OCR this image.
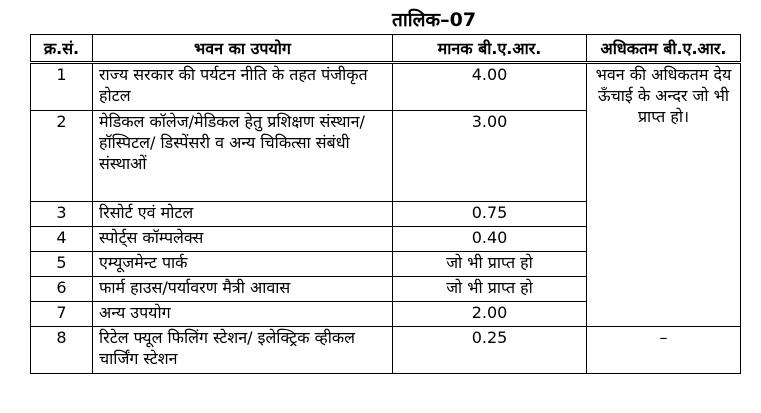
तालिक–07
क्र.सं.	भवन का उपयोग	मानक बी.ए.आर.	अधिकतम बी.ए.आर.
1	राज्य सरकार की पर्यटन नीति के तहत पंजीकृत होटल	4.00	भवन की अधिकतम देय ऊँचाई के अन्दर जो भी प्राप्त हो।
2	मेडिकल कॉलेज/मेडिकल हेतु प्रशिक्षण संस्थान/हॉस्पिटल/ डिस्पेंसरी व अन्य चिकित्सा संबंधी संस्थाओं	3.00	
3	रिसोर्ट एवं मोटल	0.75	
4	स्पोर्ट्स कॉम्पलेक्स	0.40	
5	एम्यूजमेन्ट पार्क	जो भी प्राप्त हो	
6	फार्म हाउस/पर्यावरण मैत्री आवास	जो भी प्राप्त हो	
7	अन्य उपयोग	2.00	
8	रिटेल फ्यूल फिलिंग स्टेशन/ इलेक्ट्रिक व्हीकल चार्जिंग स्टेशन	0.25	–
